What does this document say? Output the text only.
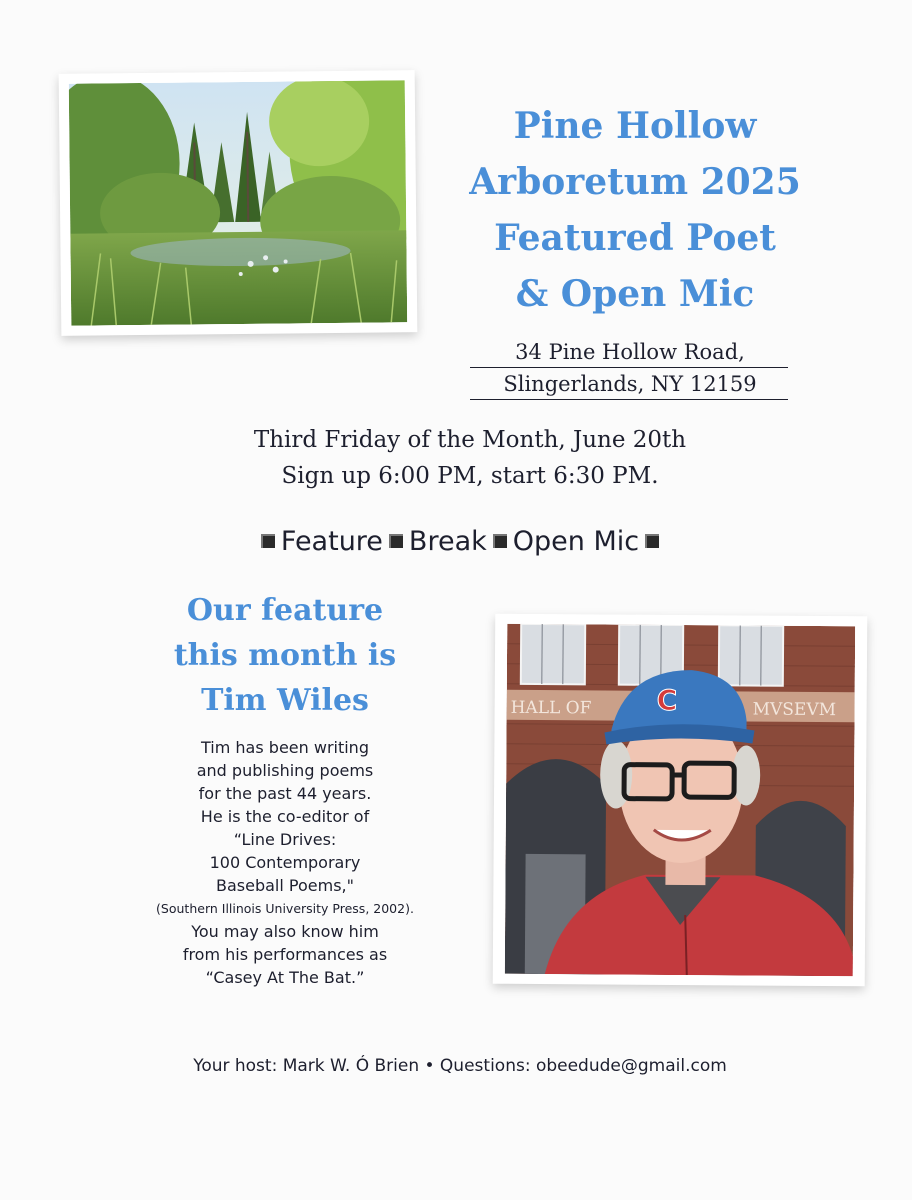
Pine Hollow
Arboretum 2025
Featured Poet
& Open Mic
34 Pine Hollow Road,
Slingerlands, NY 12159
Third Friday of the Month, June 20th
Sign up 6:00 PM, start 6:30 PM.
Feature Break Open Mic
Our feature
this month is
Tim Wiles
Tim has been writing
and publishing poems
for the past 44 years.
He is the co-editor of
“Line Drives:
100 Contemporary
Baseball Poems,"
(Southern Illinois University Press, 2002).
You may also know him
from his performances as
“Casey At The Bat.”
HALL OF	MVSEVM
C
Your host: Mark W. Ó Brien • Questions: obeedude@gmail.com
